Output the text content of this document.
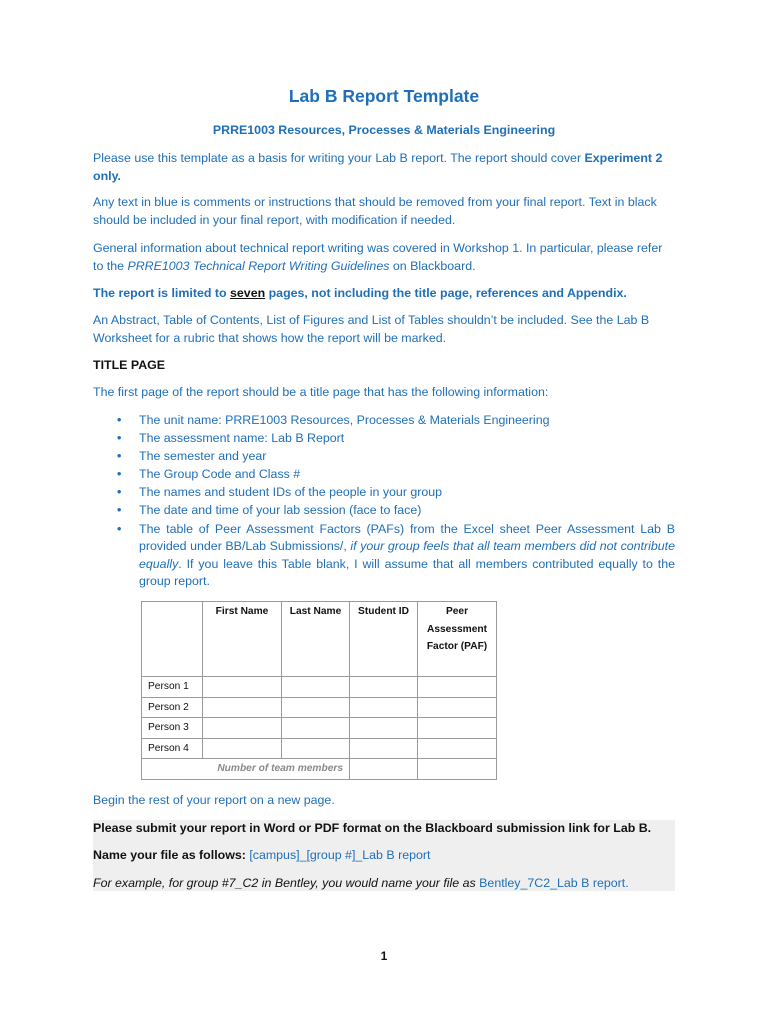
Lab B Report Template
PRRE1003 Resources, Processes & Materials Engineering

Please use this template as a basis for writing your Lab B report. The report should cover Experiment 2 only.

Any text in blue is comments or instructions that should be removed from your final report. Text in black should be included in your final report, with modification if needed.

General information about technical report writing was covered in Workshop 1. In particular, please refer to the PRRE1003 Technical Report Writing Guidelines on Blackboard.

The report is limited to seven pages, not including the title page, references and Appendix.

An Abstract, Table of Contents, List of Figures and List of Tables shouldn’t be included. See the Lab B Worksheet for a rubric that shows how the report will be marked.

TITLE PAGE

The first page of the report should be a title page that has the following information:

• The unit name: PRRE1003 Resources, Processes & Materials Engineering
• The assessment name: Lab B Report
• The semester and year
• The Group Code and Class #
• The names and student IDs of the people in your group
• The date and time of your lab session (face to face)
• The table of Peer Assessment Factors (PAFs) from the Excel sheet Peer Assessment Lab B provided under BB/Lab Submissions/, if your group feels that all team members did not contribute equally. If you leave this Table blank, I will assume that all members contributed equally to the group report.
	First Name	Last Name	Student ID	Peer Assessment Factor (PAF)
Person 1				
Person 2				
Person 3				
Person 4				
Number of team members				

Begin the rest of your report on a new page.

Please submit your report in Word or PDF format on the Blackboard submission link for Lab B.

Name your file as follows: [campus]_[group #]_Lab B report

For example, for group #7_C2 in Bentley, you would name your file as Bentley_7C2_Lab B report.

1
